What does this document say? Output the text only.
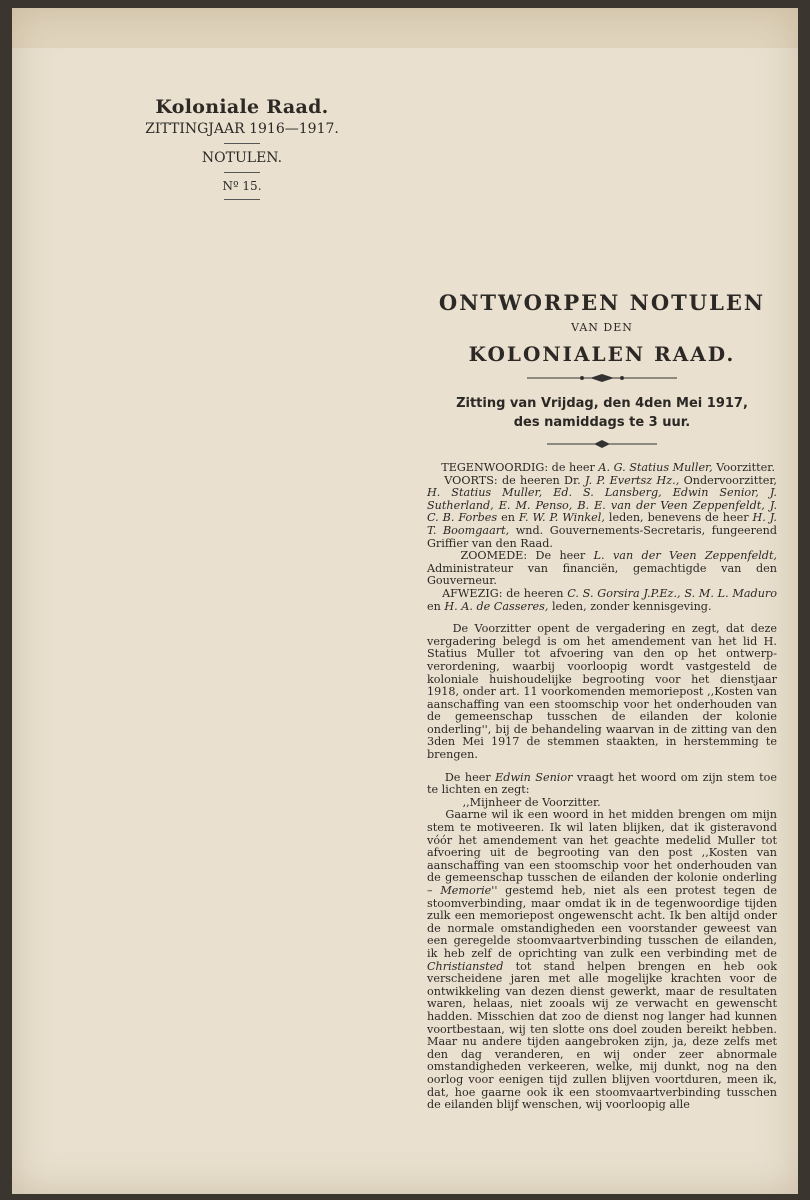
Koloniale Raad.
ZITTINGJAAR 1916—1917.
NOTULEN.
Nº 15.
ONTWORPEN NOTULEN
VAN DEN
KOLONIALEN RAAD.
Zitting van Vrijdag, den 4den Mei 1917,
des namiddags te 3 uur.

TEGENWOORDIG: de heer A. G. Statius Muller, Voorzitter.

VOORTS: de heeren Dr. J. P. Evertsz Hz., Ondervoorzitter, H. Statius Muller, Ed. S. Lansberg, Edwin Senior, J. Sutherland, E. M. Penso, B. E. van der Veen Zeppenfeldt, J. C. B. Forbes en F. W. P. Winkel, leden, benevens de heer H. J. T. Boomgaart, wnd. Gouvernements-Secretaris, fungeerend Griffier van den Raad.

ZOOMEDE: De heer L. van der Veen Zeppenfeldt, Administrateur van financiën, gemachtigde van den Gouverneur.

AFWEZIG: de heeren C. S. Gorsira J.P.Ez., S. M. L. Maduro en H. A. de Casseres, leden, zonder kennisgeving.

De Voorzitter opent de vergadering en zegt, dat deze vergadering belegd is om het amendement van het lid H. Statius Muller tot afvoering van den op het ontwerp-verordening, waarbij voorloopig wordt vastgesteld de koloniale huishoudelijke begrooting voor het dienstjaar 1918, onder art. 11 voorkomenden memoriepost ,,Kosten van aanschaffing van een stoomschip voor het onderhouden van de gemeenschap tusschen de eilanden der kolonie onderling'', bij de behandeling waarvan in de zitting van den 3den Mei 1917 de stemmen staakten, in herstemming te brengen.

De heer Edwin Senior vraagt het woord om zijn stem toe te lichten en zegt:

,,Mijnheer de Voorzitter.

Gaarne wil ik een woord in het midden brengen om mijn stem te motiveeren. Ik wil laten blijken, dat ik gisteravond vóór het amendement van het geachte medelid Muller tot afvoering uit de begrooting van den post ,,Kosten van aanschaffing van een stoomschip voor het onderhouden van de gemeenschap tusschen de eilanden der kolonie onderling – Memorie'' gestemd heb, niet als een protest tegen de stoomverbinding, maar omdat ik in de tegenwoordige tijden zulk een memoriepost ongewenscht acht. Ik ben altijd onder de normale omstandigheden een voorstander geweest van een geregelde stoomvaartverbinding tusschen de eilanden, ik heb zelf de oprichting van zulk een verbinding met de Christiansted tot stand helpen brengen en heb ook verscheidene jaren met alle mogelijke krachten voor de ontwikkeling van dezen dienst gewerkt, maar de resultaten waren, helaas, niet zooals wij ze verwacht en gewenscht hadden. Misschien dat zoo de dienst nog langer had kunnen voortbestaan, wij ten slotte ons doel zouden bereikt hebben. Maar nu andere tijden aangebroken zijn, ja, deze zelfs met den dag veranderen, en wij onder zeer abnormale omstandigheden verkeeren, welke, mij dunkt, nog na den oorlog voor eenigen tijd zullen blijven voortduren, meen ik, dat, hoe gaarne ook ik een stoomvaartverbinding tusschen de eilanden blijf wenschen, wij voorloopig alle
